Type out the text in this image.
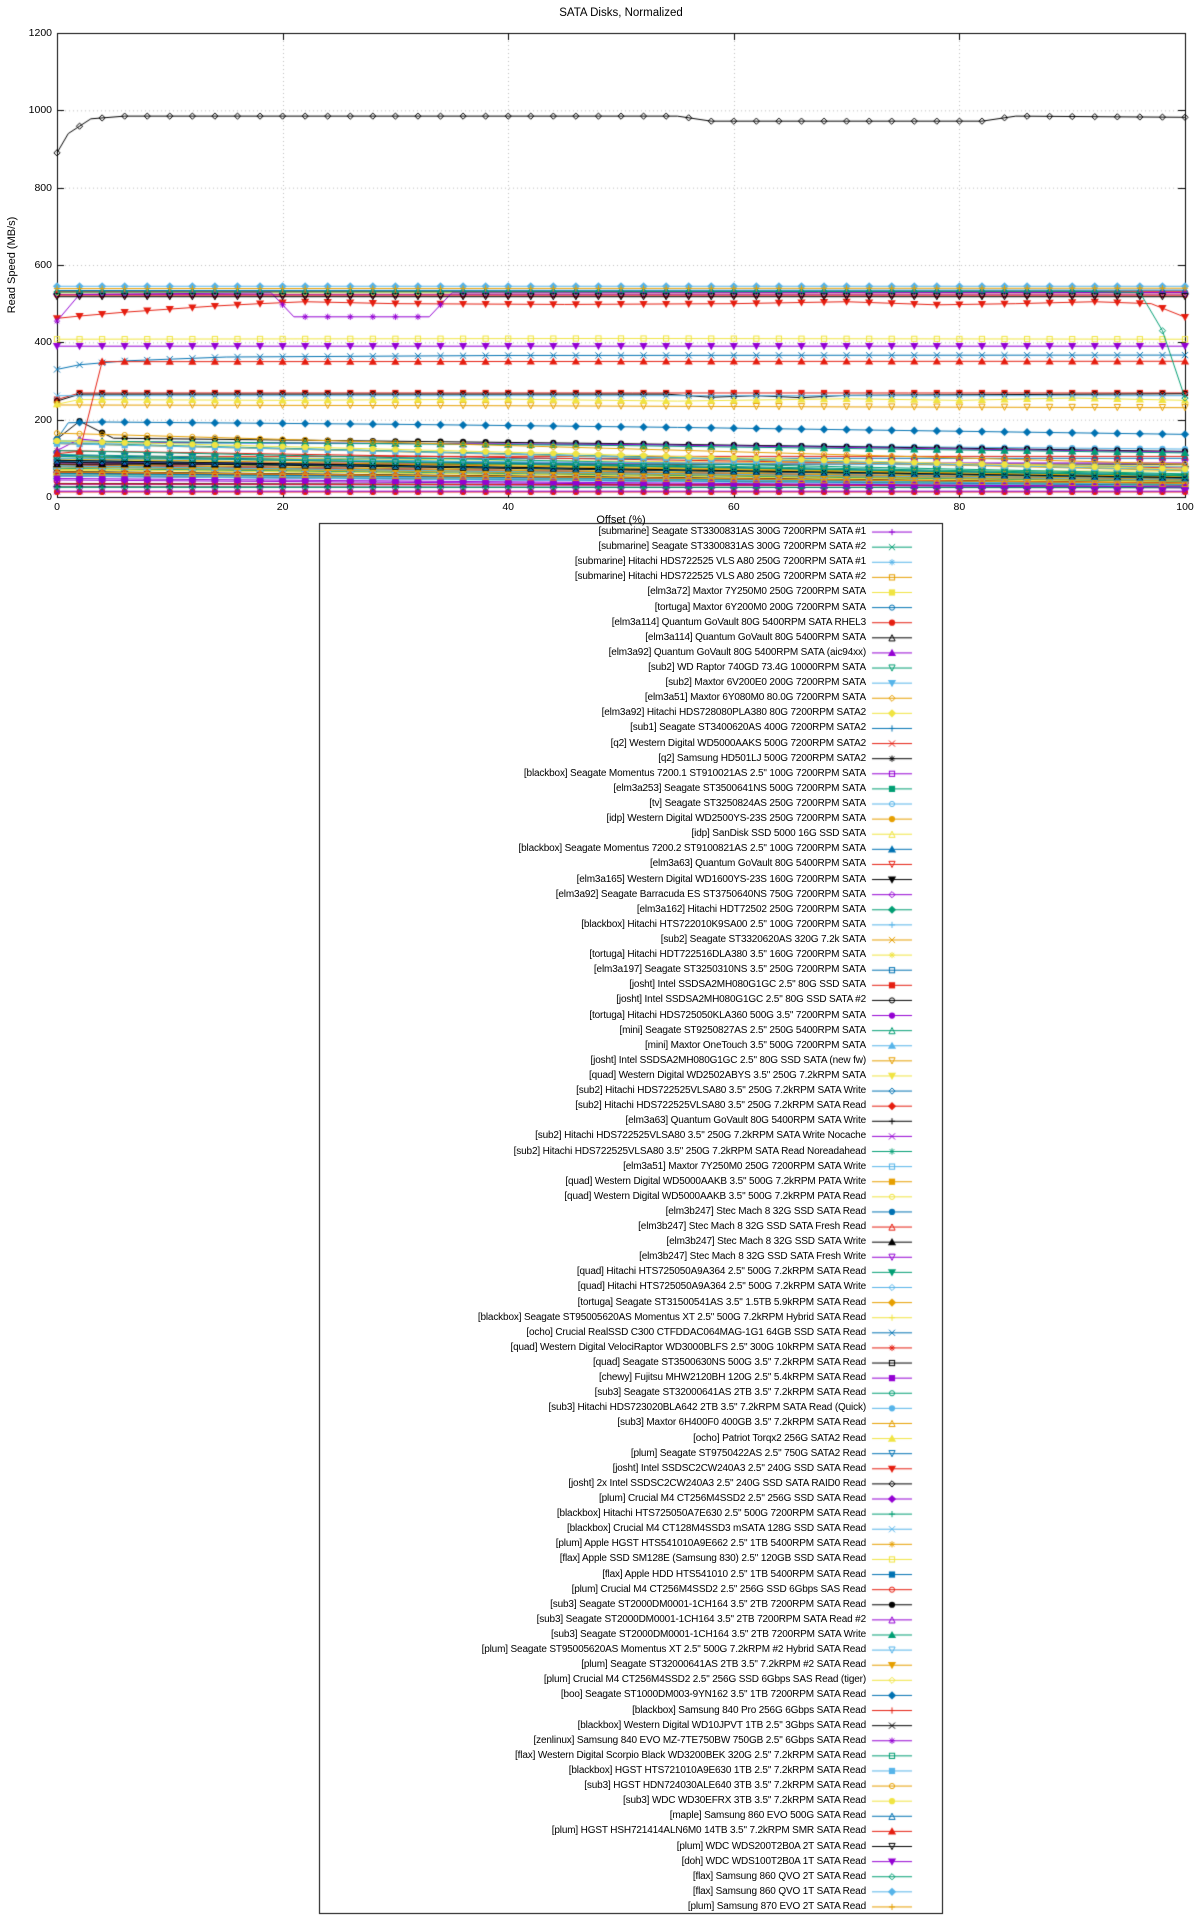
SATA Disks, Normalized
Read Speed (MB/s)
Offset (%)
0
200
400
600
800
1000
1200
0	20	40	60	80	100
[submarine] Seagate ST3300831AS 300G 7200RPM SATA #1
[submarine] Seagate ST3300831AS 300G 7200RPM SATA #2
[submarine] Hitachi HDS722525 VLS A80 250G 7200RPM SATA #1
[submarine] Hitachi HDS722525 VLS A80 250G 7200RPM SATA #2
[elm3a72] Maxtor 7Y250M0 250G 7200RPM SATA
[tortuga] Maxtor 6Y200M0 200G 7200RPM SATA
[elm3a114] Quantum GoVault 80G 5400RPM SATA RHEL3
[elm3a114] Quantum GoVault 80G 5400RPM SATA
[elm3a92] Quantum GoVault 80G 5400RPM SATA (aic94xx)
[sub2] WD Raptor 740GD 73.4G 10000RPM SATA
[sub2] Maxtor 6V200E0 200G 7200RPM SATA
[elm3a51] Maxtor 6Y080M0 80.0G 7200RPM SATA
[elm3a92] Hitachi HDS728080PLA380 80G 7200RPM SATA2
[sub1] Seagate ST3400620AS 400G 7200RPM SATA2
[q2] Western Digital WD5000AAKS 500G 7200RPM SATA2
[q2] Samsung HD501LJ 500G 7200RPM SATA2
[blackbox] Seagate Momentus 7200.1 ST910021AS 2.5" 100G 7200RPM SATA
[elm3a253] Seagate ST3500641NS 500G 7200RPM SATA
[tv] Seagate ST3250824AS 250G 7200RPM SATA
[idp] Western Digital WD2500YS-23S 250G 7200RPM SATA
[idp] SanDisk SSD 5000 16G SSD SATA
[blackbox] Seagate Momentus 7200.2 ST9100821AS 2.5" 100G 7200RPM SATA
[elm3a63] Quantum GoVault 80G 5400RPM SATA
[elm3a165] Western Digital WD1600YS-23S 160G 7200RPM SATA
[elm3a92] Seagate Barracuda ES ST3750640NS 750G 7200RPM SATA
[elm3a162] Hitachi HDT72502 250G 7200RPM SATA
[blackbox] Hitachi HTS722010K9SA00 2.5" 100G 7200RPM SATA
[sub2] Seagate ST3320620AS 320G 7.2k SATA
[tortuga] Hitachi HDT722516DLA380 3.5" 160G 7200RPM SATA
[elm3a197] Seagate ST3250310NS 3.5" 250G 7200RPM SATA
[josht] Intel SSDSA2MH080G1GC 2.5" 80G SSD SATA
[josht] Intel SSDSA2MH080G1GC 2.5" 80G SSD SATA #2
[tortuga] Hitachi HDS725050KLA360 500G 3.5" 7200RPM SATA
[mini] Seagate ST9250827AS 2.5" 250G 5400RPM SATA
[mini] Maxtor OneTouch 3.5" 500G 7200RPM SATA
[josht] Intel SSDSA2MH080G1GC 2.5" 80G SSD SATA (new fw)
[quad] Western Digital WD2502ABYS 3.5" 250G 7.2kRPM SATA
[sub2] Hitachi HDS722525VLSA80 3.5" 250G 7.2kRPM SATA Write
[sub2] Hitachi HDS722525VLSA80 3.5" 250G 7.2kRPM SATA Read
[elm3a63] Quantum GoVault 80G 5400RPM SATA Write
[sub2] Hitachi HDS722525VLSA80 3.5" 250G 7.2kRPM SATA Write Nocache
[sub2] Hitachi HDS722525VLSA80 3.5" 250G 7.2kRPM SATA Read Noreadahead
[elm3a51] Maxtor 7Y250M0 250G 7200RPM SATA Write
[quad] Western Digital WD5000AAKB 3.5" 500G 7.2kRPM PATA Write
[quad] Western Digital WD5000AAKB 3.5" 500G 7.2kRPM PATA Read
[elm3b247] Stec Mach 8 32G SSD SATA Read
[elm3b247] Stec Mach 8 32G SSD SATA Fresh Read
[elm3b247] Stec Mach 8 32G SSD SATA Write
[elm3b247] Stec Mach 8 32G SSD SATA Fresh Write
[quad] Hitachi HTS725050A9A364 2.5" 500G 7.2kRPM SATA Read
[quad] Hitachi HTS725050A9A364 2.5" 500G 7.2kRPM SATA Write
[tortuga] Seagate ST31500541AS 3.5" 1.5TB 5.9kRPM SATA Read
[blackbox] Seagate ST95005620AS Momentus XT 2.5" 500G 7.2kRPM Hybrid SATA Read
[ocho] Crucial RealSSD C300 CTFDDAC064MAG-1G1 64GB SSD SATA Read
[quad] Western Digital VelociRaptor WD3000BLFS 2.5" 300G 10kRPM SATA Read
[quad] Seagate ST3500630NS 500G 3.5" 7.2kRPM SATA Read
[chewy] Fujitsu MHW2120BH 120G 2.5" 5.4kRPM SATA Read
[sub3] Seagate ST32000641AS 2TB 3.5" 7.2kRPM SATA Read
[sub3] Hitachi HDS723020BLA642 2TB 3.5" 7.2kRPM SATA Read (Quick)
[sub3] Maxtor 6H400F0 400GB 3.5" 7.2kRPM SATA Read
[ocho] Patriot Torqx2 256G SATA2 Read
[plum] Seagate ST9750422AS 2.5" 750G SATA2 Read
[josht] Intel SSDSC2CW240A3 2.5" 240G SSD SATA Read
[josht] 2x Intel SSDSC2CW240A3 2.5" 240G SSD SATA RAID0 Read
[plum] Crucial M4 CT256M4SSD2 2.5" 256G SSD SATA Read
[blackbox] Hitachi HTS725050A7E630 2.5" 500G 7200RPM SATA Read
[blackbox] Crucial M4 CT128M4SSD3 mSATA 128G SSD SATA Read
[plum] Apple HGST HTS541010A9E662 2.5" 1TB 5400RPM SATA Read
[flax] Apple SSD SM128E (Samsung 830) 2.5" 120GB SSD SATA Read
[flax] Apple HDD HTS541010 2.5" 1TB 5400RPM SATA Read
[plum] Crucial M4 CT256M4SSD2 2.5" 256G SSD 6Gbps SAS Read
[sub3] Seagate ST2000DM0001-1CH164 3.5" 2TB 7200RPM SATA Read
[sub3] Seagate ST2000DM0001-1CH164 3.5" 2TB 7200RPM SATA Read #2
[sub3] Seagate ST2000DM0001-1CH164 3.5" 2TB 7200RPM SATA Write
[plum] Seagate ST95005620AS Momentus XT 2.5" 500G 7.2kRPM #2 Hybrid SATA Read
[plum] Seagate ST32000641AS 2TB 3.5" 7.2kRPM #2 SATA Read
[plum] Crucial M4 CT256M4SSD2 2.5" 256G SSD 6Gbps SAS Read (tiger)
[boo] Seagate ST1000DM003-9YN162 3.5" 1TB 7200RPM SATA Read
[blackbox] Samsung 840 Pro 256G 6Gbps SATA Read
[blackbox] Western Digital WD10JPVT 1TB 2.5" 3Gbps SATA Read
[zenlinux] Samsung 840 EVO MZ-7TE750BW 750GB 2.5" 6Gbps SATA Read
[flax] Western Digital Scorpio Black WD3200BEK 320G 2.5" 7.2kRPM SATA Read
[blackbox] HGST HTS721010A9E630 1TB 2.5" 7.2kRPM SATA Read
[sub3] HGST HDN724030ALE640 3TB 3.5" 7.2kRPM SATA Read
[sub3] WDC WD30EFRX 3TB 3.5" 7.2kRPM SATA Read
[maple] Samsung 860 EVO 500G SATA Read
[plum] HGST HSH721414ALN6M0 14TB 3.5" 7.2kRPM SMR SATA Read
[plum] WDC WDS200T2B0A 2T SATA Read
[doh] WDC WDS100T2B0A 1T SATA Read
[flax] Samsung 860 QVO 2T SATA Read
[flax] Samsung 860 QVO 1T SATA Read
[plum] Samsung 870 EVO 2T SATA Read
